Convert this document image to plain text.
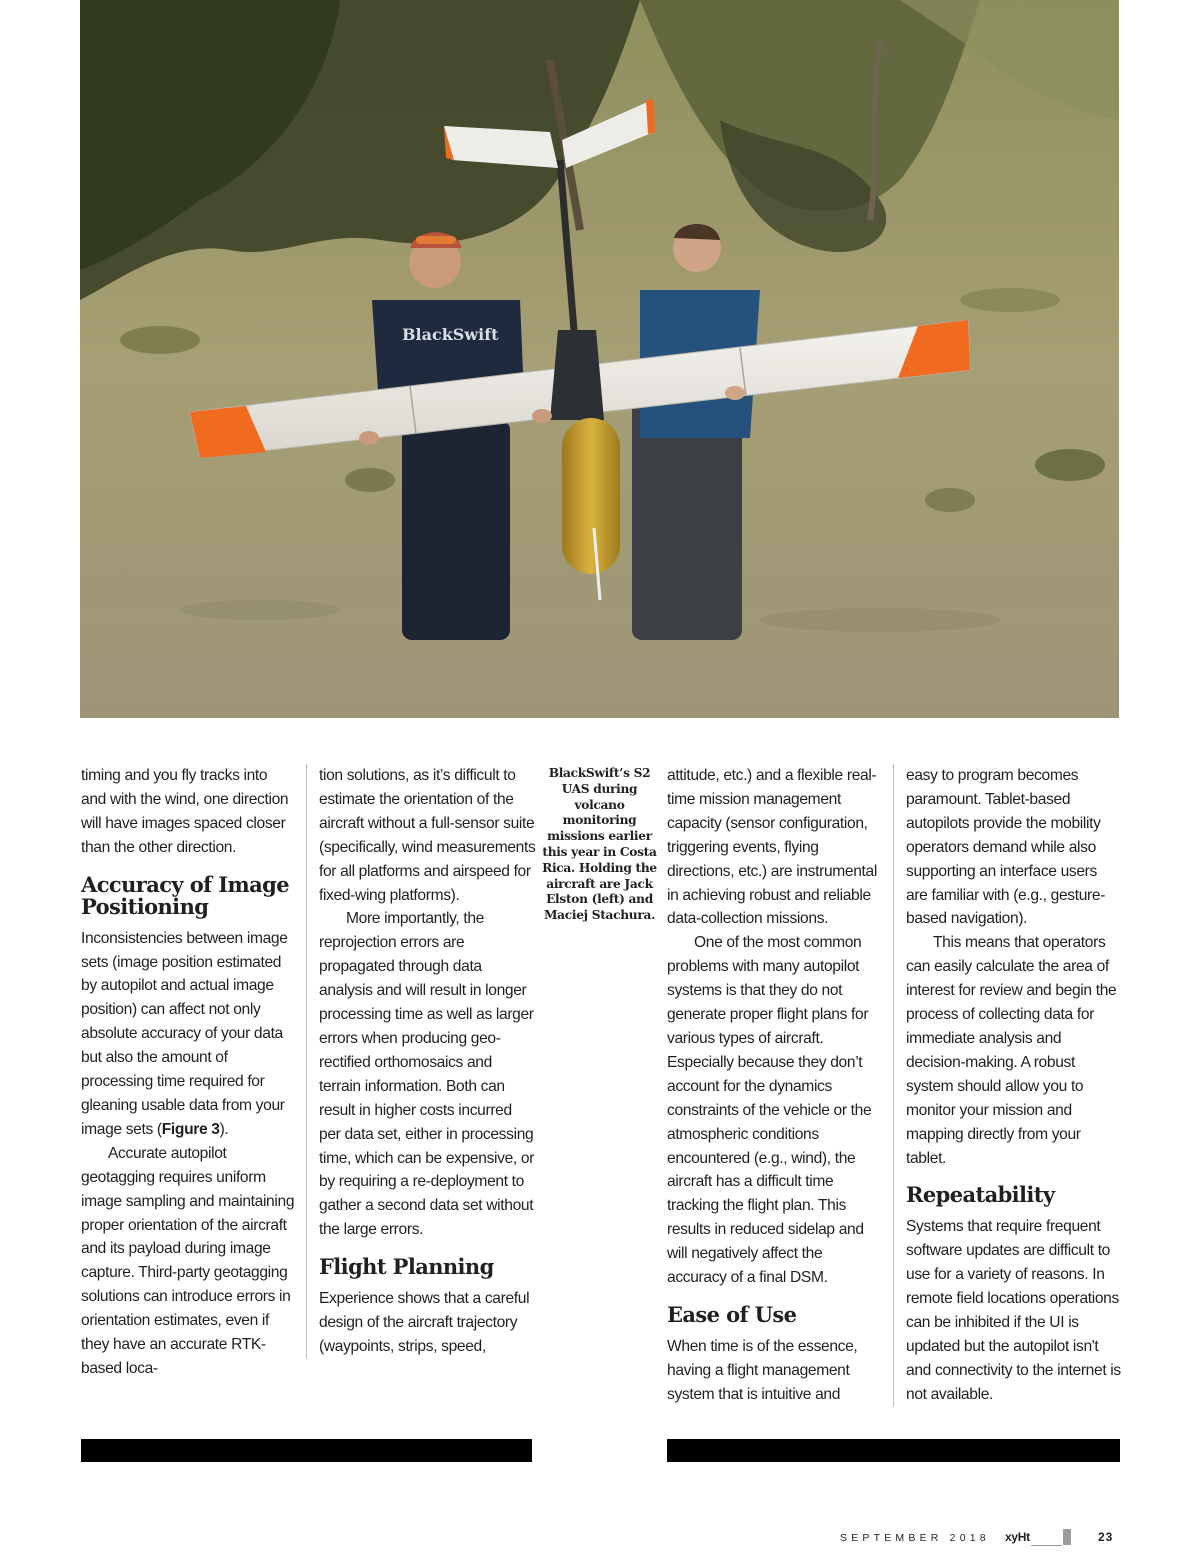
BlackSwift

timing and you fly tracks into and with the wind, one direction will have images spaced closer than the other direction.

Accuracy of Image Positioning

Inconsistencies between image sets (image position estimated by autopilot and actual image position) can affect not only absolute accuracy of your data but also the amount of processing time required for gleaning usable data from your image sets (Figure 3).

Accurate autopilot geotagging requires uniform image sampling and maintaining proper orientation of the aircraft and its payload during image capture. Third-party geotagging solutions can introduce errors in orientation estimates, even if they have an accurate RTK-based loca-

tion solutions, as it’s difficult to estimate the orientation of the aircraft without a full-sensor suite (specifically, wind measurements for all platforms and airspeed for fixed-wing platforms).

More importantly, the reprojection errors are propagated through data analysis and will result in longer processing time as well as larger errors when producing geo-rectified orthomosaics and terrain information. Both can result in higher costs incurred per data set, either in processing time, which can be expensive, or by requiring a re-deployment to gather a second data set without the large errors.

Flight Planning

Experience shows that a careful design of the aircraft trajectory (waypoints, strips, speed,

BlackSwift’s S2 UAS during volcano monitoring missions earlier this year in Costa Rica. Holding the aircraft are Jack Elston (left) and Maciej Stachura.

attitude, etc.) and a flexible real-time mission management capacity (sensor configuration, triggering events, flying directions, etc.) are instrumental in achieving robust and reliable data-collection missions.

One of the most common problems with many autopilot systems is that they do not generate proper flight plans for various types of aircraft. Especially because they don’t account for the dynamics constraints of the vehicle or the atmospheric conditions encountered (e.g., wind), the aircraft has a difficult time tracking the flight plan. This results in reduced sidelap and will negatively affect the accuracy of a final DSM.

Ease of Use

When time is of the essence, having a flight management system that is intuitive and

easy to program becomes paramount. Tablet-based autopilots provide the mobility operators demand while also supporting an interface users are familiar with (e.g., gesture-based navigation).

This means that operators can easily calculate the area of interest for review and begin the process of collecting data for immediate analysis and decision-making. A robust system should allow you to monitor your mission and mapping directly from your tablet.

Repeatability

Systems that require frequent software updates are difficult to use for a variety of reasons. In remote field locations operations can be inhibited if the UI is updated but the autopilot isn't and connectivity to the internet is not available.

SEPTEMBER 2018 xyHt	23
